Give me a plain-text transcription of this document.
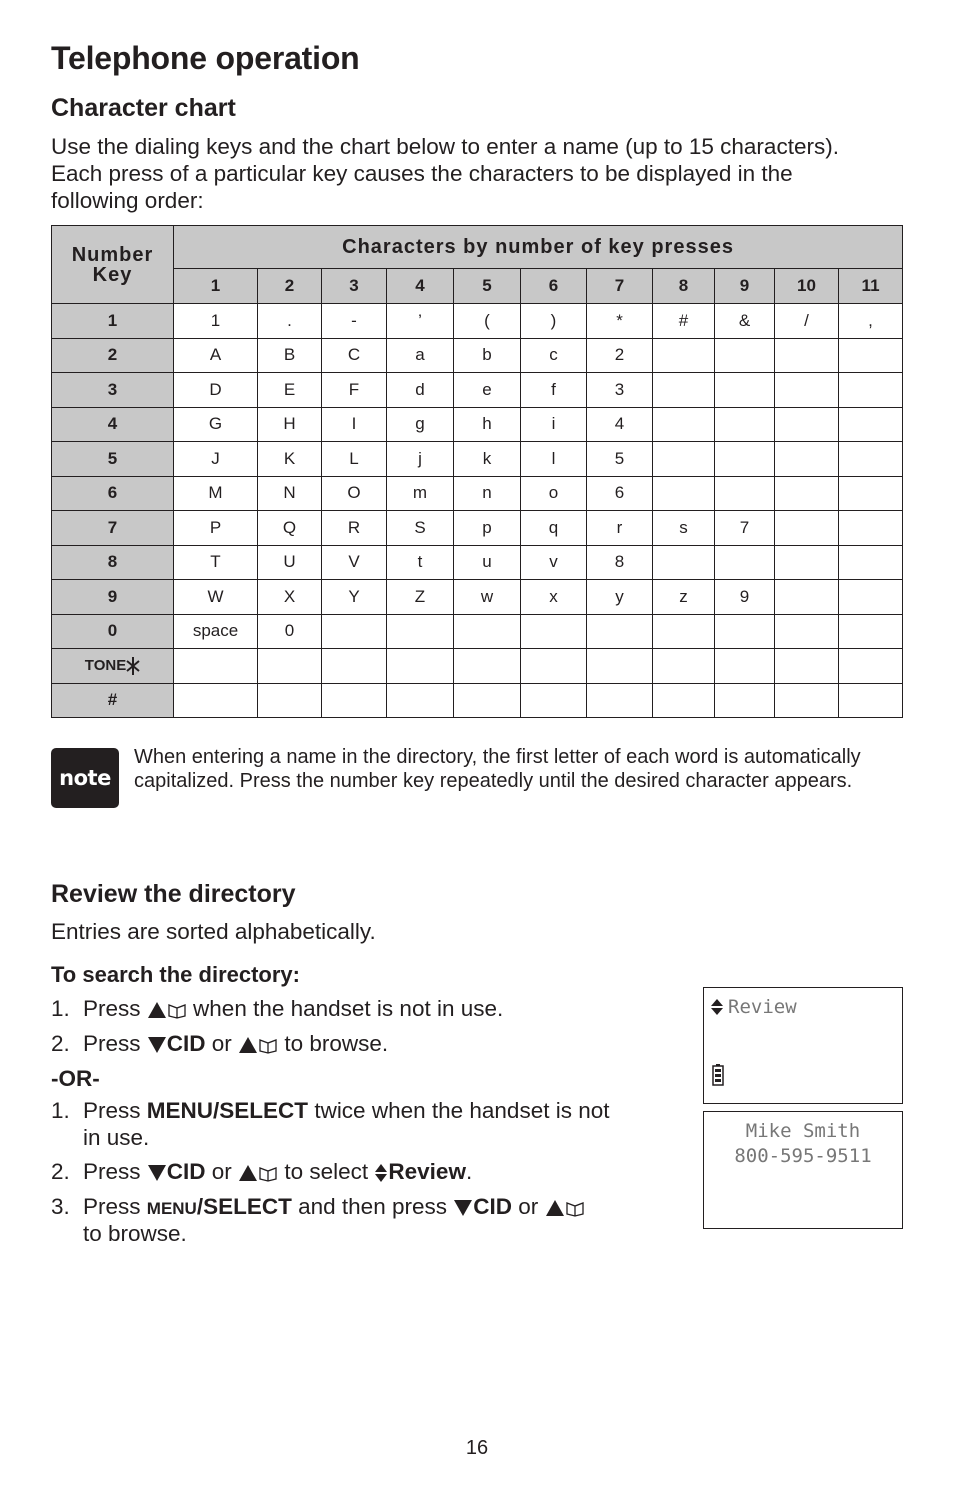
Telephone operation
Character chart

Use the dialing keys and the chart below to enter a name (up to 15 characters). Each press of a particular key causes the characters to be displayed in the following order:

Number
Key	Characters by number of key presses										
	1	2	3	4	5	6	7	8	9	10	11
1	1	.	-	’	(	)	*	#	&	/	,
2	A	B	C	a	b	c	2				
3	D	E	F	d	e	f	3				
4	G	H	I	g	h	i	4				
5	J	K	L	j	k	l	5				
6	M	N	O	m	n	o	6				
7	P	Q	R	S	p	q	r	s	7		
8	T	U	V	t	u	v	8				
9	W	X	Y	Z	w	x	y	z	9		
0	space	0									
TONE											
#											
note

When entering a name in the directory, the first letter of each word is automatically capitalized. Press the number key repeatedly until the desired character appears.

Review the directory
Entries are sorted alphabetically.
To search the directory:
1. Press when the handset is not in use.
2. Press CID or to browse.
-OR-
1. Press MENU/SELECT twice when the handset is not
in use.
2. Press CID or to select Review.
3. Press MENU/SELECT and then press CID or
to browse.
Review
Mike Smith
800-595-9511
16
